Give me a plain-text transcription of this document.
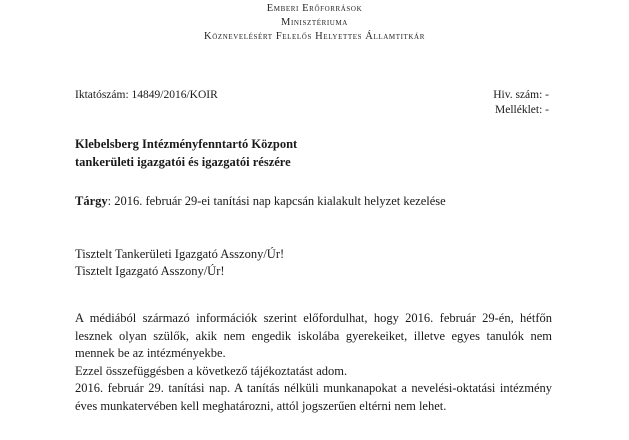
Emberi Erőforrások
Minisztériuma
Köznevelésért Felelős Helyettes Államtitkár
Iktatószám: 14849/2016/KOIR	Hiv. szám: -
Melléklet: -
Klebelsberg Intézményfenntartó Központ
tankerületi igazgatói és igazgatói részére
Tárgy: 2016. február 29-ei tanítási nap kapcsán kialakult helyzet kezelése
Tisztelt Tankerületi Igazgató Asszony/Úr!
Tisztelt Igazgató Asszony/Úr!

A médiából származó információk szerint előfordulhat, hogy 2016. február 29-én, hétfőn lesznek olyan szülők, akik nem engedik iskolába gyerekeiket, illetve egyes tanulók nem mennek be az intézményekbe.

Ezzel összefüggésben a következő tájékoztatást adom.

2016. február 29. tanítási nap. A tanítás nélküli munkanapokat a nevelési-oktatási intézmény éves munkatervében kell meghatározni, attól jogszerűen eltérni nem lehet.
